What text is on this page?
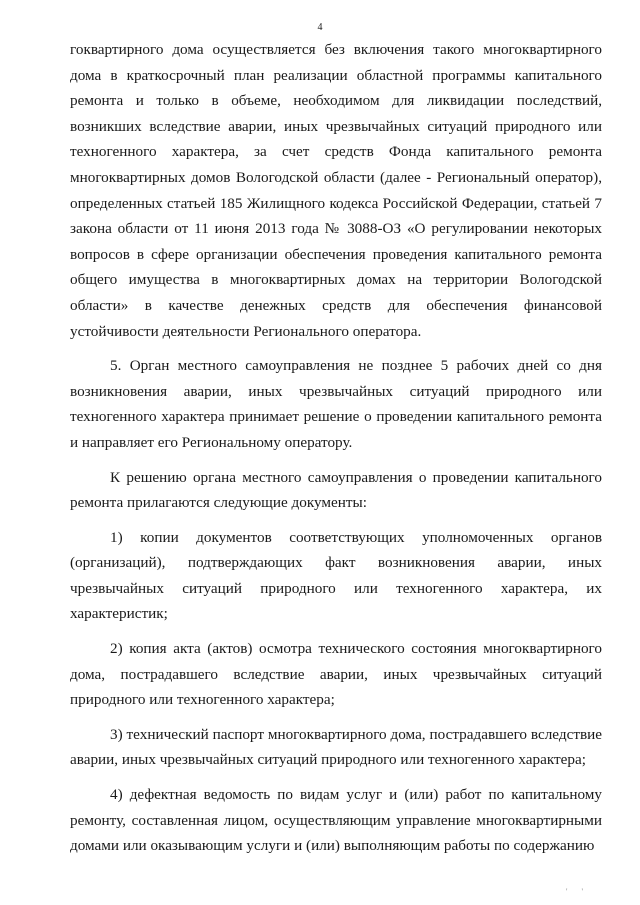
4

гоквартирного дома осуществляется без включения такого многоквартирного дома в краткосрочный план реализации областной программы капитального ремонта и только в объеме, необходимом для ликвидации последствий, возникших вследствие аварии, иных чрезвычайных ситуаций природного или техногенного характера, за счет средств Фонда капитального ремонта многоквартирных домов Вологодской области (далее - Региональный оператор), определенных статьей 185 Жилищного кодекса Российской Федерации, статьей 7 закона области от 11 июня 2013 года № 3088-ОЗ «О регулировании некоторых вопросов в сфере организации обеспечения проведения капитального ремонта общего имущества в многоквартирных домах на территории Вологодской области» в качестве денежных средств для обеспечения финансовой устойчивости деятельности Регионального оператора.

5. Орган местного самоуправления не позднее 5 рабочих дней со дня возникновения аварии, иных чрезвычайных ситуаций природного или техногенного характера принимает решение о проведении капитального ремонта и направляет его Региональному оператору.

К решению органа местного самоуправления о проведении капитального ремонта прилагаются следующие документы:

1) копии документов соответствующих уполномоченных органов (организаций), подтверждающих факт возникновения аварии, иных чрезвычайных ситуаций природного или техногенного характера, их характеристик;

2) копия акта (актов) осмотра технического состояния многоквартирного дома, пострадавшего вследствие аварии, иных чрезвычайных ситуаций природного или техногенного характера;

3) технический паспорт многоквартирного дома, пострадавшего вследствие аварии, иных чрезвычайных ситуаций природного или техногенного характера;

4) дефектная ведомость по видам услуг и (или) работ по капитальному ремонту, составленная лицом, осуществляющим управление многоквартирными домами или оказывающим услуги и (или) выполняющим работы по содержанию

' '
